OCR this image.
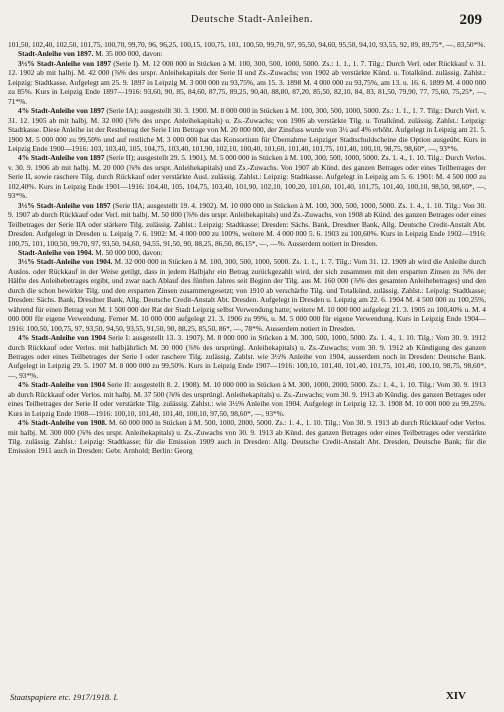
Deutsche Stadt-Anleihen.	209

101,50, 102,40, 102,50, 101,75, 100,70, 99,70, 96, 96,25, 100,15, 100,75, 101, 100,50, 99,70, 97, 95,50, 94,60, 95,50, 94,10, 93,55, 92, 89, 89,75*, —, 83,50*%.

Stadt-Anleihe von 1897. M. 35 000 000, davon:

3½% Stadt-Anleihe von 1897 (Serie I). M. 12 000 000 in Stücken à M. 100, 300, 500, 1000, 5000. Zs.: 1. 1., 1. 7. Tilg.: Durch Verl. oder Rückkauf v. 31. 12. 1902 ab mit halbj. M. 42 000 (⅞% des urspr. Anleihekapitals der Serie II und Zs.-Zuwachs; von 1902 ab verstärkte Künd. u. Totalkünd. zulässig. Zahlst.: Leipzig: Stadtkasse. Aufgelegt am 25. 9. 1897 in Leipzig M. 3 000 000 zu 93,75%, am 15. 3. 1898 M. 4 000 000 zu 93,75%, am 13. u. 16. 6. 1899 M. 4 000 000 zu 85%. Kurs in Leipzig Ende 1897—1916: 93,60, 90, 85, 84,60, 87,75, 89,25, 90,40, 88,80, 87,20, 85,50, 82,10, 84, 83, 81,50, 79,90, 77, 75,60, 75,25*, —, 71*%.

4% Stadt-Anleihe von 1897 (Serie IA); ausgestellt 30. 3. 1900. M. 8 000 000 in Stücken à M. 100, 300, 500, 1000, 5000. Zs.: 1. 1., 1. 7. Tilg.: Durch Verl. v. 31. 12. 1905 ab mit halbj. M. 32 000 (⅞% des urspr. Anleihekapitals) u. Zs.-Zuwachs; von 1906 ab verstärkte Tilg. u. Totalkünd. zulässig. Zahlst.: Leipzig: Stadtkasse. Diese Anleihe ist der Restbetrag der Serie I im Betrage von M. 20 000 000, der Zinsfuss wurde von 3½ auf 4% erhöht. Aufgelegt in Leipzig am 21. 5. 1900 M. 5 000 000 zu 99,50% und auf restliche M. 3 000 000 hat das Konsortium für Übernahme Leipziger Stadtschuldscheine die Option ausgeübt. Kurs in Leipzig Ende 1900—1916: 103, 103,40, 105, 104,75, 103,40, 101,90, 102,10, 100,40, 101,60, 101,40, 101,75, 101,40, 100,10, 98,75, 98,60*, —, 93*%.

4% Stadt-Anleihe von 1897 (Serie II); ausgestellt 29. 5. 1901). M. 5 000 000 in Stücken à M. 100, 300, 500, 1000, 5000. Zs. 1. 4., 1. 10. Tilg.: Durch Verlos. v. 30. 9. 1906 ab mit halbj. M. 20 000 (⅞% des urspr. Anleihekapitals) und Zs.-Zuwachs. Von 1907 ab Künd. des ganzen Betrages oder eines Teilbetrages der Serie II, sowie raschere Tilg. durch Rückkauf oder verstärkte Ausl. zulässig. Zahlst.: Leipzig: Stadtkasse. Aufgelegt in Leipzig am 5. 6. 1901: M. 4 500 000 zu 102,40%. Kurs in Leipzig Ende 1901—1916: 104,40, 105, 104,75, 103,40, 101,90, 102,10, 100,20, 101,60, 101,40, 101,75, 101,40, 100,10, 98,50, 98,60*, —, 93*%.

3½% Stadt-Anleihe von 1897 (Serie IIA; ausgestellt 19. 4. 1902). M. 10 000 000 in Stücken à M. 100, 300, 500, 1000, 5000. Zs. 1. 4., 1. 10. Tilg.: Von 30. 9. 1907 ab durch Rückkauf oder Verl. mit halbj. M. 50 000 (⅞% des urspr. Anleihekapitals) und Zs.-Zuwachs, von 1908 ab Künd. des ganzen Betrages oder eines Teilbetrages der Serie IIA oder stärkere Tilg. zulässig. Zahlst.: Leipzig: Stadtkasse; Dresden: Sächs. Bank, Dresdner Bank, Allg. Deutsche Credit-Anstalt Abt. Dresden. Aufgelegt in Dresden u. Leipzig 7. 6. 1902: M. 4 000 000 zu 100%, weitere M. 4 000 000 5. 6. 1903 zu 100,60%. Kurs in Leipzig Ende 1902—1916: 100,75, 101, 100,50, 99,70, 97, 93,50, 94,60, 94,55, 91,50, 90, 88,25, 86,50, 86,15*, —, —%. Ausserdem notiert in Dresden.

Stadt-Anleihe von 1904. M. 50 000 000, davon:

3½% Stadt-Anleihe von 1904. M. 32 000 000 in Stücken à M. 100, 300, 500, 1000, 5000. Zs. 1. 1., 1. 7. Tilg.: Vom 31. 12. 1909 ab wird die Anleihe durch Auslos. oder Rückkauf in der Weise getilgt, dass in jedem Halbjahr ein Betrag zurückgezahlt wird, der sich zusammen mit den ersparten Zinsen zu ⅞% der Hälfte des Anleihebetrages ergibt, und zwar nach Ablauf des fünften Jahres seit Beginn der Tilg. aus M. 160 000 (⅞% des gesamten Anleihebetrages) und den durch die schon bewirkte Tilg. und den ersparten Zinsen zusammengesetzt; von 1910 ab verschärfte Tilg. und Totalkünd. zulässig. Zahlst.: Leipzig: Stadtkasse; Dresden: Sächs. Bank, Dresdner Bank, Allg. Deutsche Credit-Anstalt Abt. Dresden. Aufgelegt in Dresden u. Leipzig am 22. 6. 1904 M. 4 500 000 zu 100,25%, während für einen Betrag von M. 1 500 000 der Rat der Stadt Leipzig selbst Verwendung hatte; weitere M. 10 000 000 aufgelegt 21. 3. 1905 zu 100,40% u. M. 4 000 000 für eigene Verwendung. Ferner M. 10 000 000 aufgelegt 21. 3. 1906 zu 99%, u. M. 5 000 000 für eigene Verwendung. Kurs in Leipzig Ende 1904—1916: 100,50, 100,75, 97, 93,50, 94,50, 93,55, 91,50, 90, 88,25, 85,50, 86*, —, 78*%. Ausserdem notiert in Dresden.

4% Stadt-Anleihe von 1904 Serie I: ausgestellt 13. 3. 1907). M. 8 000 000 in Stücken à M. 300, 500, 1000, 5000. Zs. 1. 4., 1. 10. Tilg.: Vom 30. 9. 1912 durch Rückkauf oder Verlos. mit halbjährlich M. 30 000 (⅞% des ursprüngl. Anleihekapitals) u. Zs.-Zuwachs; vom 30. 9. 1912 ab Kündigung des ganzen Betrages oder eines Teilbetrages der Serie I oder raschere Tilg. zulässig. Zahlst. wie 3½% Anleihe von 1904, ausserdem noch in Dresden: Deutsche Bank. Aufgelegt in Leipzig 29. 5. 1907 M. 8 000 000 zu 99,50%. Kurs in Leipzig Ende 1907—1916: 100,10, 101,40, 101,40, 101,75, 101,40, 100,10, 98,75, 98,60*, —, 93*%.

4% Stadt-Anleihe von 1904 Serie II: ausgestellt 8. 2. 1908). M. 10 000 000 in Stücken à M. 300, 1000, 2000, 5000. Zs.: 1. 4., 1. 10. Tilg.: Vom 30. 9. 1913 ab durch Rückkauf oder Verlos. mit halbj. M. 37 500 (⅞% des ursprüngl. Anleihekapitals) u. Zs.-Zuwachs; vom 30. 9. 1913 ab Kündig. des ganzen Betrages oder eines Teilbetrages der Serie II oder verstärkte Tilg. zulässig. Zahlst.: wie 3½% Anleihe von 1904. Aufgelegt in Leipzig 12. 3. 1908 M. 10 000 000 zu 99,25%. Kurs in Leipzig Ende 1908—1916: 100,10, 101,40, 101,40, 100,10, 97,50, 98,60*, —, 93*%.

4% Stadt-Anleihe von 1908. M. 60 000 000 in Stücken à M. 500, 1000, 2000, 5000. Zs.: 1. 4., 1. 10. Tilg.: Von 30. 9. 1913 ab durch Rückkauf oder Verlos. mit halbj. M. 300 000 (⅞% des urspr. Anleihekapitals) u. Zs.-Zuwachs von 30. 9. 1913 ab Künd. des ganzen Betrages oder eines Teilbetrages oder verstärkte Tilg. zulässig. Zahlst.: Leipzig: Stadtkasse; für die Emission 1909 auch in Dresden: Allg. Deutsche Credit-Anstalt Abt. Dresden, Deutsche Bank; für die Emission 1911 auch in Dresden: Gebr. Arnhold; Berlin: Georg

Staatspapiere etc. 1917/1918. I.	XIV
